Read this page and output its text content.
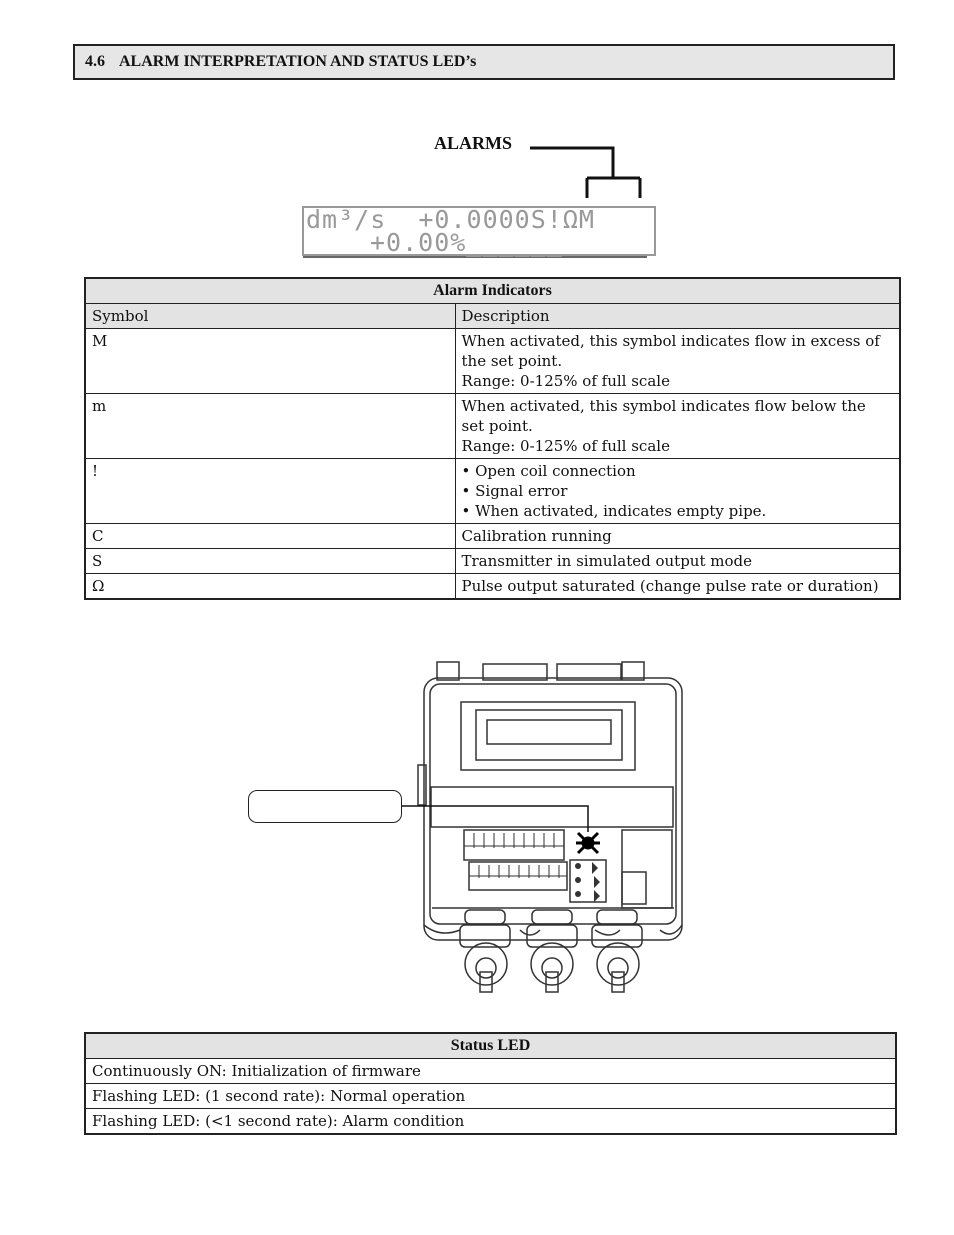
4.6 ALARM INTERPRETATION AND STATUS LED’s
ALARMS
dm³/s  +0.0000S!ΩM
+0.00%______
Alarm Indicators	
Symbol	Description
M	When activated, this symbol indicates flow in excess of the set point.
Range: 0-125% of full scale

m	When activated, this symbol indicates flow below the set point.
Range: 0-125% of full scale

!	• Open coil connection
• Signal error
• When activated, indicates empty pipe.

C	Calibration running
S	Transmitter in simulated output mode
Ω	Pulse output saturated (change pulse rate or duration)
Status LED
Continuously ON: Initialization of firmware
Flashing LED: (1 second rate): Normal operation
Flashing LED: (<1 second rate): Alarm condition
